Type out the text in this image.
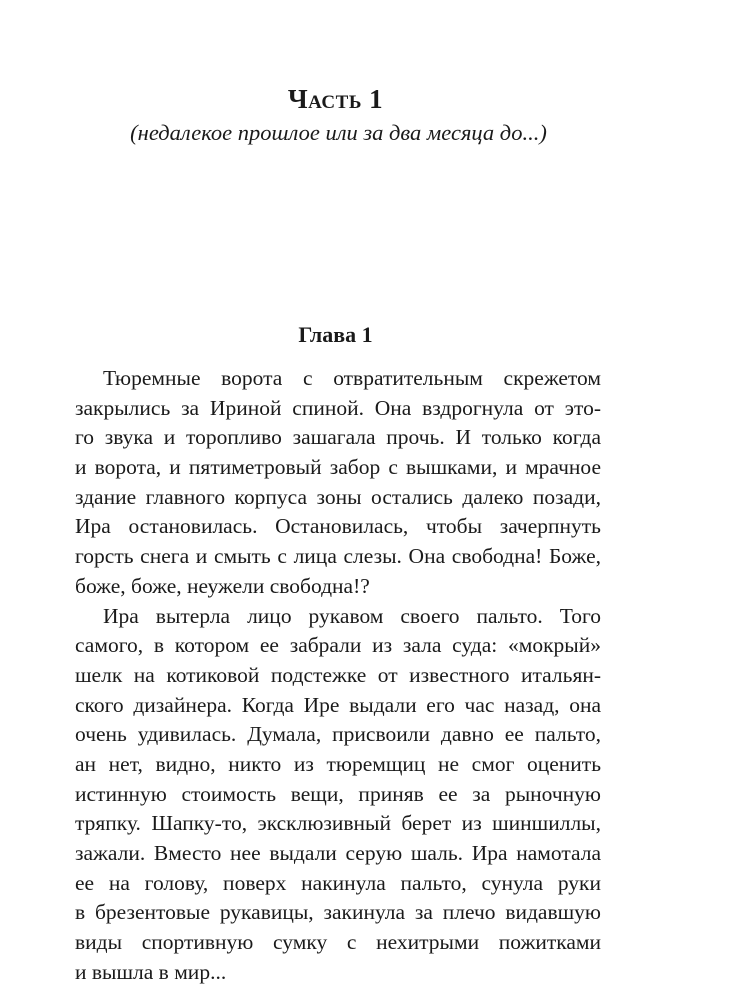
Часть 1
(недалекое прошлое или за два месяца до...)
Глава 1
Тюремные ворота с отвратительным скрежетом
закрылись за Ириной спиной. Она вздрогнула от это-
го звука и торопливо зашагала прочь. И только когда
и ворота, и пятиметровый забор с вышками, и мрачное
здание главного корпуса зоны остались далеко позади,
Ира остановилась. Остановилась, чтобы зачерпнуть
горсть снега и смыть с лица слезы. Она свободна! Боже,
боже, боже, неужели свободна!?
Ира вытерла лицо рукавом своего пальто. Того
самого, в котором ее забрали из зала суда: «мокрый»
шелк на котиковой подстежке от известного итальян-
ского дизайнера. Когда Ире выдали его час назад, она
очень удивилась. Думала, присвоили давно ее пальто,
ан нет, видно, никто из тюремщиц не смог оценить
истинную стоимость вещи, приняв ее за рыночную
тряпку. Шапку-то, эксклюзивный берет из шиншиллы,
зажали. Вместо нее выдали серую шаль. Ира намотала
ее на голову, поверх накинула пальто, сунула руки
в брезентовые рукавицы, закинула за плечо видавшую
виды спортивную сумку с нехитрыми пожитками
и вышла в мир...
